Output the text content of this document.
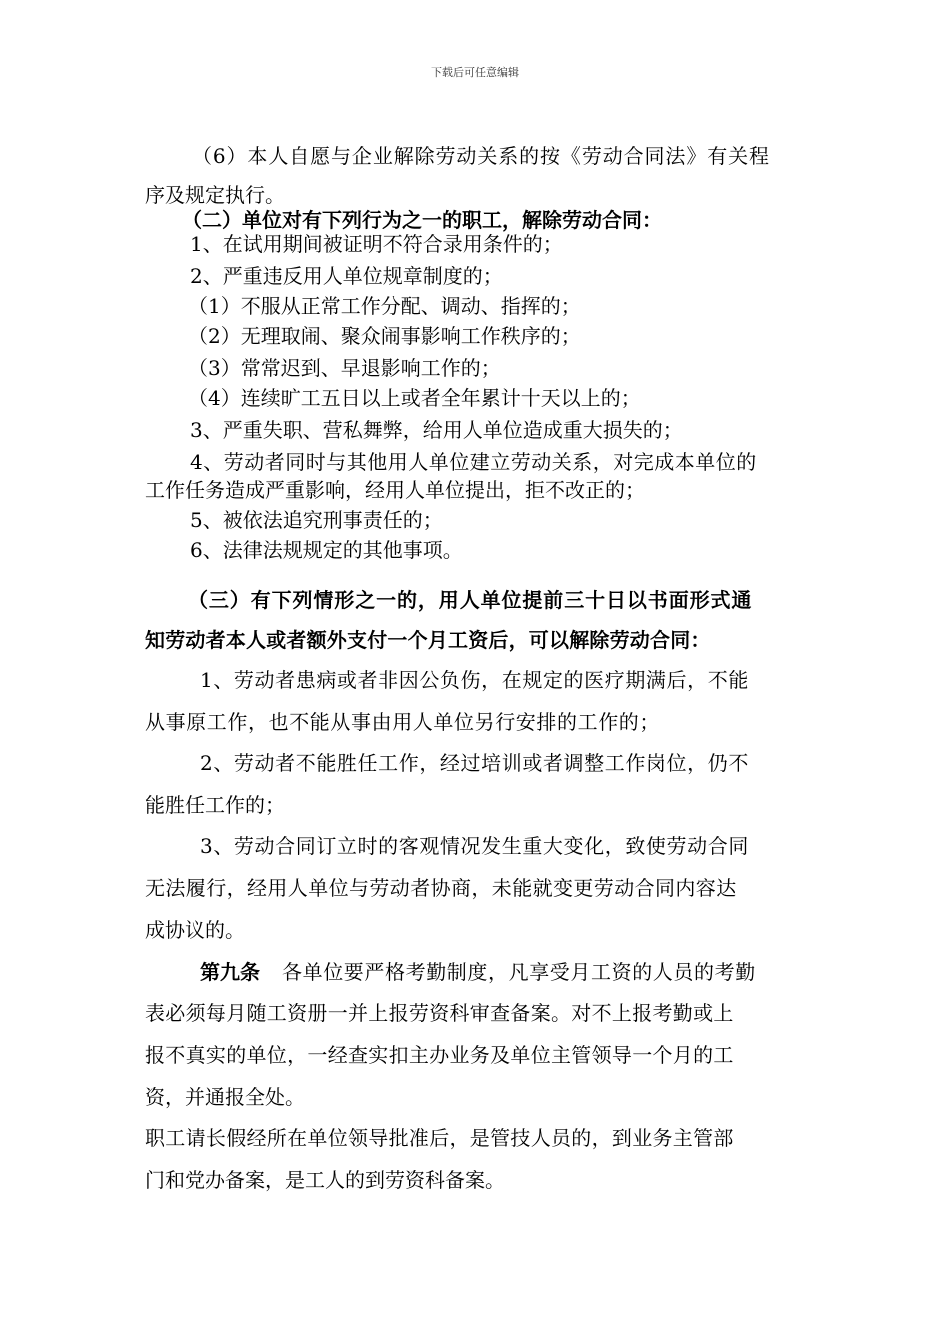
下载后可任意编辑
（6）本人自愿与企业解除劳动关系的按《劳动合同法》有关程
序及规定执行。
（二）单位对有下列行为之一的职工，解除劳动合同：
1、在试用期间被证明不符合录用条件的；
2、严重违反用人单位规章制度的；
（1）不服从正常工作分配、调动、指挥的；
（2）无理取闹、聚众闹事影响工作秩序的；
（3）常常迟到、早退影响工作的；
（4）连续旷工五日以上或者全年累计十天以上的；
3、严重失职、营私舞弊，给用人单位造成重大损失的；
4、劳动者同时与其他用人单位建立劳动关系，对完成本单位的
工作任务造成严重影响，经用人单位提出，拒不改正的；
5、被依法追究刑事责任的；
6、法律法规规定的其他事项。
（三）有下列情形之一的，用人单位提前三十日以书面形式通
知劳动者本人或者额外支付一个月工资后，可以解除劳动合同：
1、劳动者患病或者非因公负伤，在规定的医疗期满后，不能
从事原工作，也不能从事由用人单位另行安排的工作的；
2、劳动者不能胜任工作，经过培训或者调整工作岗位，仍不
能胜任工作的；
3、劳动合同订立时的客观情况发生重大变化，致使劳动合同
无法履行，经用人单位与劳动者协商，未能就变更劳动合同内容达
成协议的。
第九条	各单位要严格考勤制度，凡享受月工资的人员的考勤
表必须每月随工资册一并上报劳资科审查备案。对不上报考勤或上
报不真实的单位，一经查实扣主办业务及单位主管领导一个月的工
资，并通报全处。
职工请长假经所在单位领导批准后，是管技人员的，到业务主管部
门和党办备案，是工人的到劳资科备案。
